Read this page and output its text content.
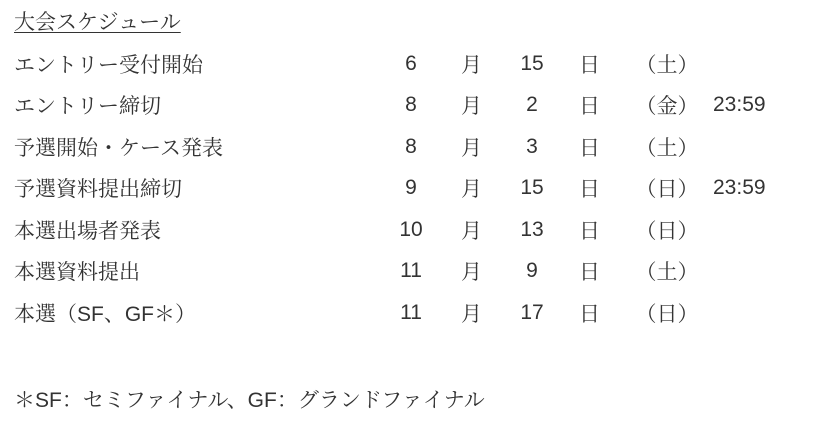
大会スケジュール
エントリー受付開始	6	月	15	日	（土）
エントリー締切	8	月	2	日	（金） 23:59
予選開始・ケース発表	8	月	3	日	（土）
予選資料提出締切	9	月	15	日	（日） 23:59
本選出場者発表	10	月	13	日	（日）
本選資料提出	11	月	9	日	（土）
本選（SF、GF＊）	11	月	17	日	（日）

＊SF：セミファイナル、GF：グランドファイナル
